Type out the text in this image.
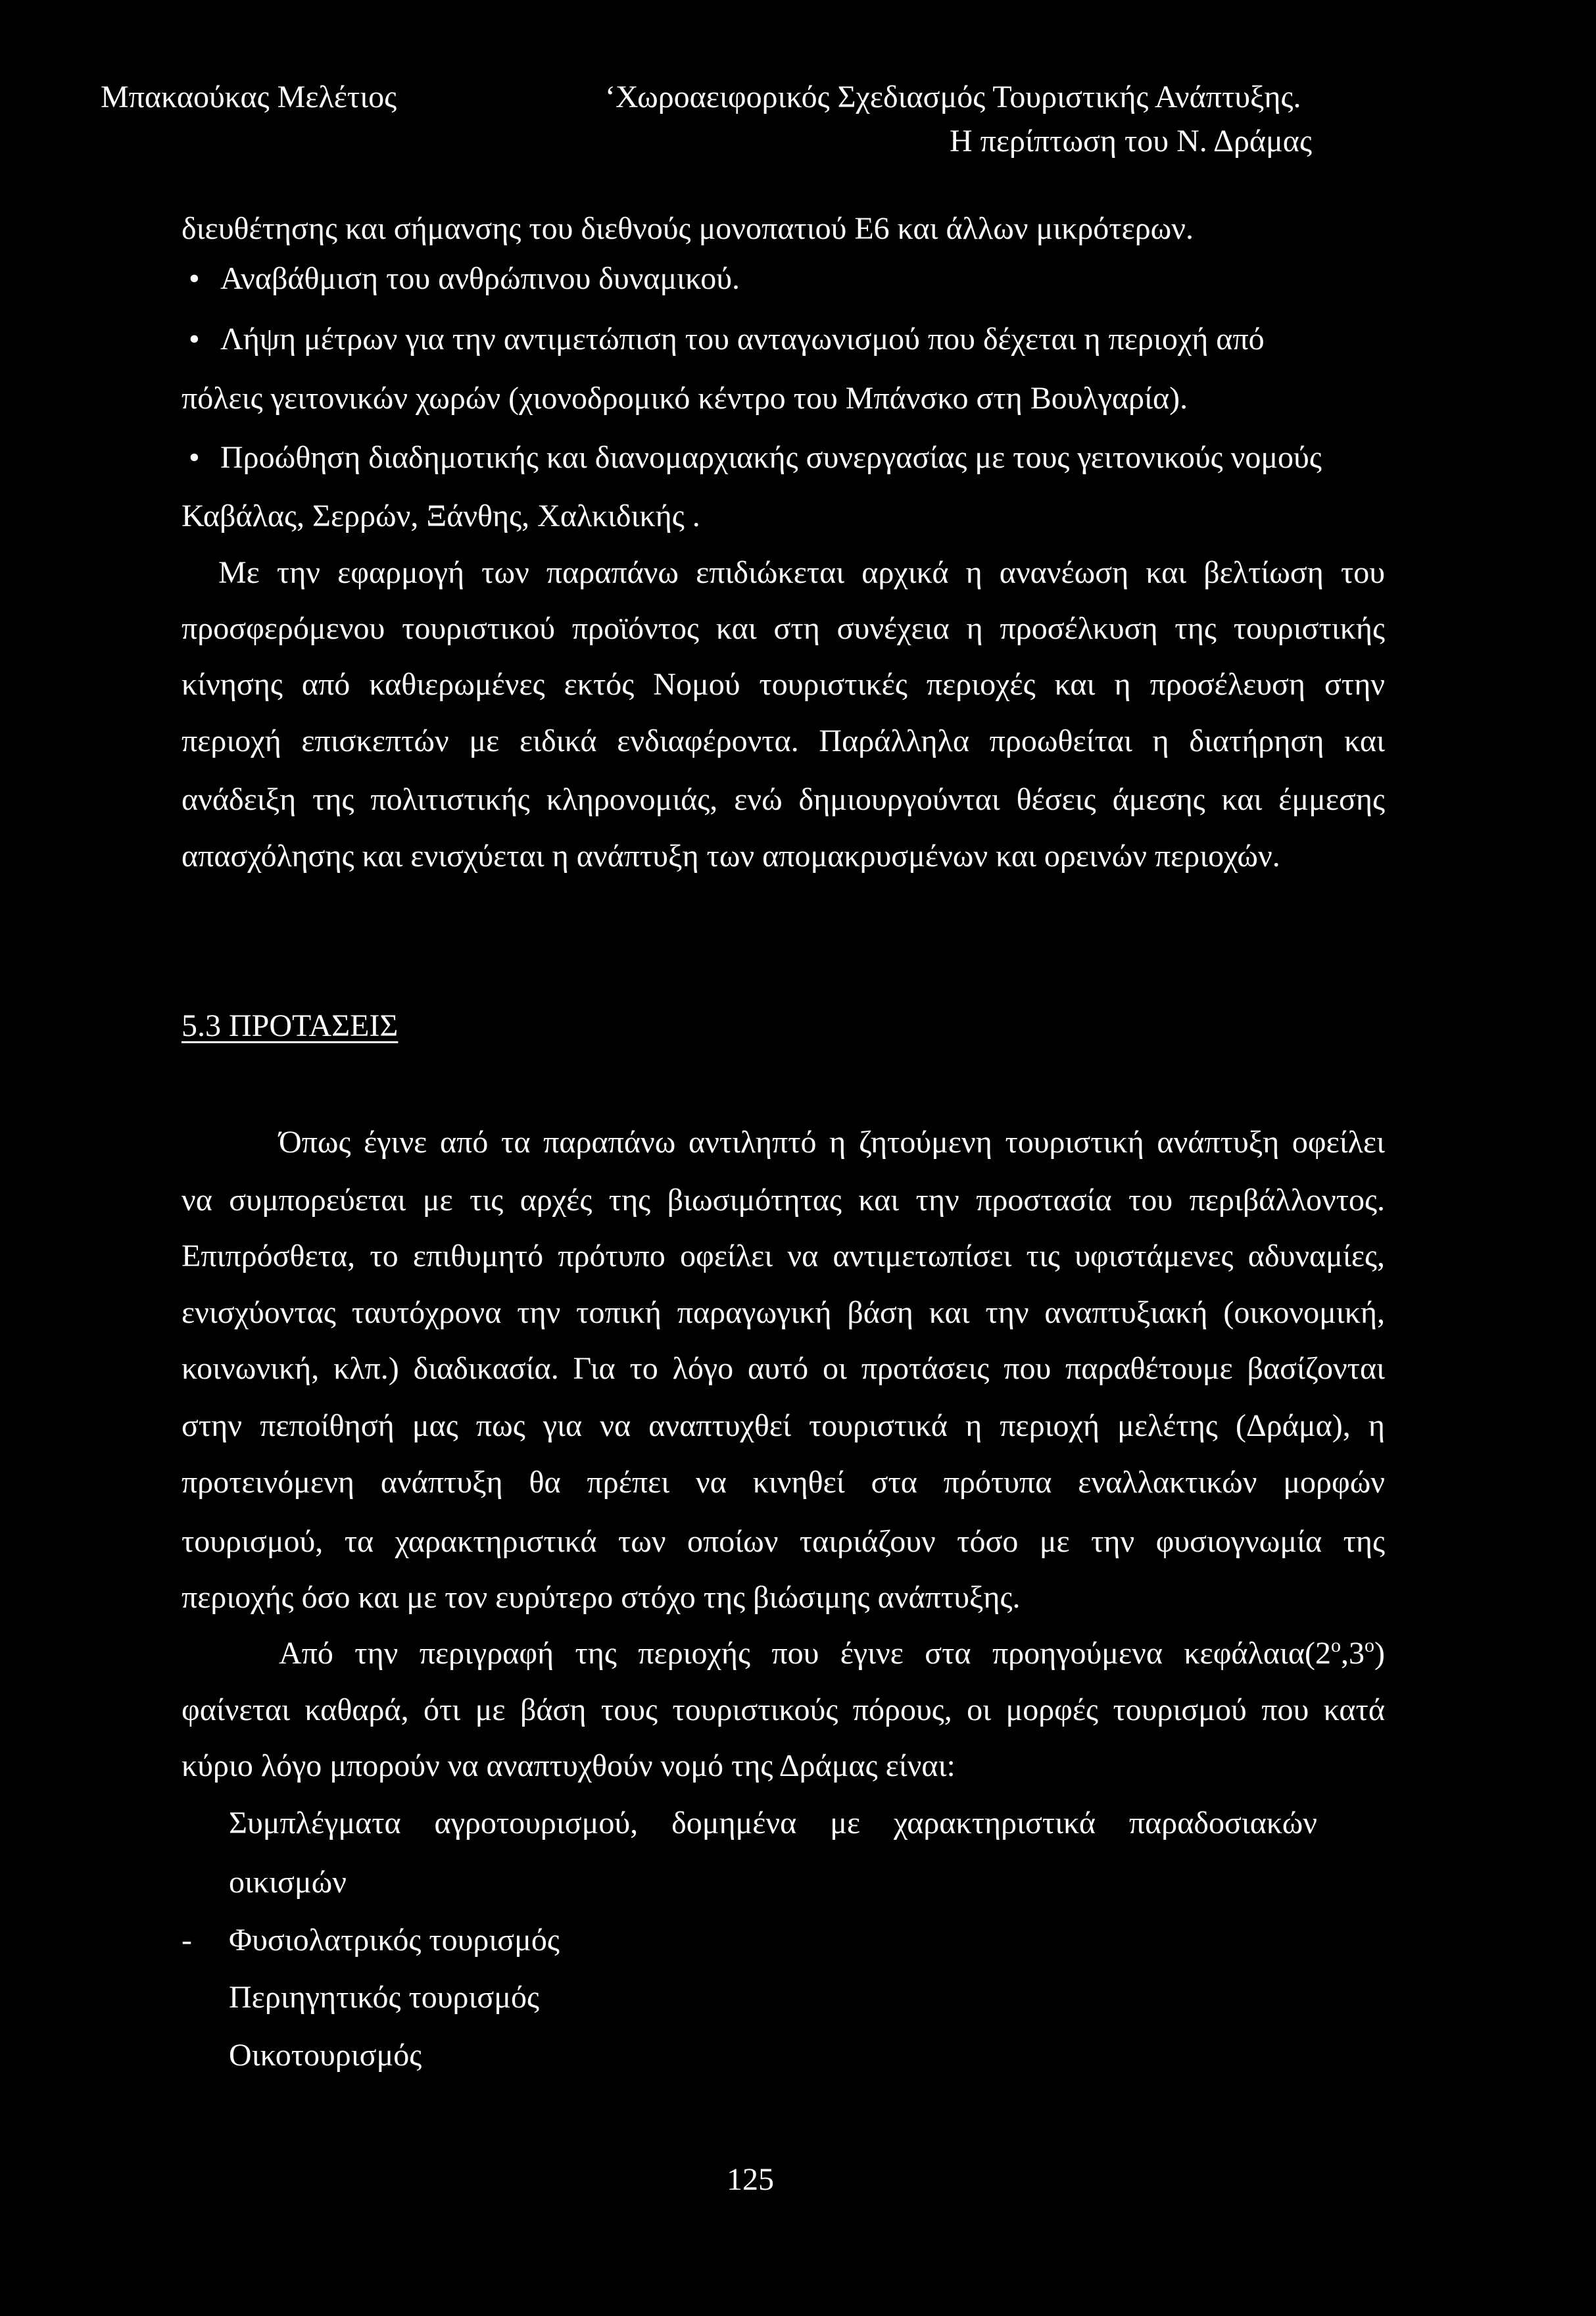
Μπακαούκας Μελέτιος	‘Χωροαειφορικός Σχεδιασμός Τουριστικής Ανάπτυξης.
Η περίπτωση του Ν. Δράμας
διευθέτησης και σήμανσης του διεθνούς μονοπατιού Ε6 και άλλων μικρότερων.
• Αναβάθμιση του ανθρώπινου δυναμικού.
• Λήψη μέτρων για την αντιμετώπιση του ανταγωνισμού που δέχεται η περιοχή από
πόλεις γειτονικών χωρών (χιονοδρομικό κέντρο του Μπάνσκο στη Βουλγαρία).
• Προώθηση διαδημοτικής και διανομαρχιακής συνεργασίας με τους γειτονικούς νομούς
Καβάλας, Σερρών, Ξάνθης, Χαλκιδικής .
Με την εφαρμογή των παραπάνω επιδιώκεται αρχικά η ανανέωση και βελτίωση του
προσφερόμενου τουριστικού προϊόντος και στη συνέχεια η προσέλκυση της τουριστικής
κίνησης από καθιερωμένες εκτός Νομού τουριστικές περιοχές και η προσέλευση στην
περιοχή επισκεπτών με ειδικά ενδιαφέροντα. Παράλληλα προωθείται η διατήρηση και
ανάδειξη της πολιτιστικής κληρονομιάς, ενώ δημιουργούνται θέσεις άμεσης και έμμεσης
απασχόλησης και ενισχύεται η ανάπτυξη των απομακρυσμένων και ορεινών περιοχών.
5.3 ΠΡΟΤΑΣΕΙΣ
Όπως έγινε από τα παραπάνω αντιληπτό η ζητούμενη τουριστική ανάπτυξη οφείλει
να συμπορεύεται με τις αρχές της βιωσιμότητας και την προστασία του περιβάλλοντος.
Επιπρόσθετα, το επιθυμητό πρότυπο οφείλει να αντιμετωπίσει τις υφιστάμενες αδυναμίες,
ενισχύοντας ταυτόχρονα την τοπική παραγωγική βάση και την αναπτυξιακή (οικονομική,
κοινωνική, κλπ.) διαδικασία. Για το λόγο αυτό οι προτάσεις που παραθέτουμε βασίζονται
στην πεποίθησή μας πως για να αναπτυχθεί τουριστικά η περιοχή μελέτης (Δράμα), η
προτεινόμενη ανάπτυξη θα πρέπει να κινηθεί στα πρότυπα εναλλακτικών μορφών
τουρισμού, τα χαρακτηριστικά των οποίων ταιριάζουν τόσο με την φυσιογνωμία της
περιοχής όσο και με τον ευρύτερο στόχο της βιώσιμης ανάπτυξης.
Από την περιγραφή της περιοχής που έγινε στα προηγούμενα κεφάλαια(2$^o$,3$^o$)
φαίνεται καθαρά, ότι με βάση τους τουριστικούς πόρους, οι μορφές τουρισμού που κατά
κύριο λόγο μπορούν να αναπτυχθούν νομό της Δράμας είναι:
Συμπλέγματα αγροτουρισμού, δομημένα με χαρακτηριστικά παραδοσιακών
οικισμών
- Φυσιολατρικός τουρισμός
Περιηγητικός τουρισμός
Οικοτουρισμός
125
